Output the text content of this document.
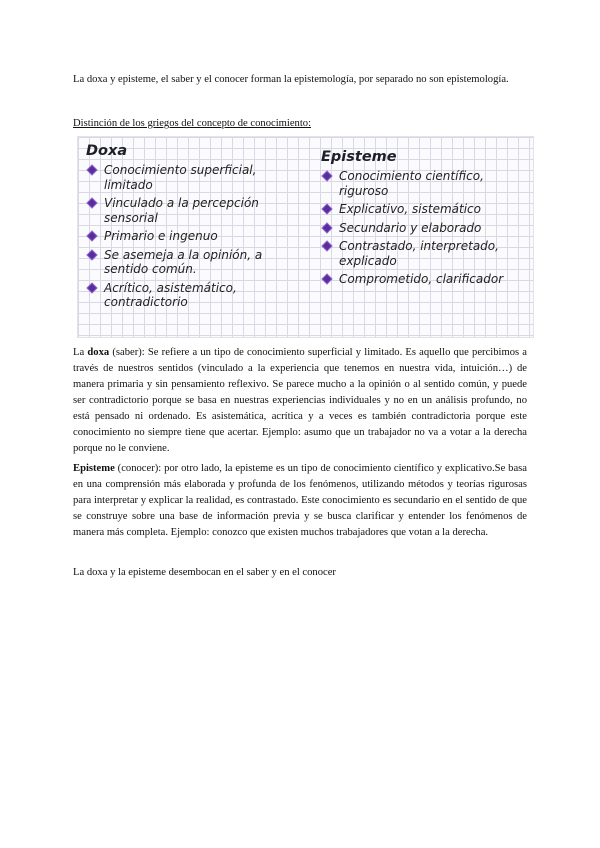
La doxa y episteme, el saber y el conocer forman la epistemología, por separado no son epistemología.

Distinción de los griegos del concepto de conocimiento:

Doxa
Conocimiento superficial, limitado
Vinculado a la percepción sensorial
Primario e ingenuo
Se asemeja a la opinión, a sentido común.
Acrítico, asistemático, contradictorio
Episteme
Conocimiento científico, riguroso
Explicativo, sistemático
Secundario y elaborado
Contrastado, interpretado, explicado
Comprometido, clarificador

La doxa (saber): Se refiere a un tipo de conocimiento superficial y limitado. Es aquello que percibimos a través de nuestros sentidos (vinculado a la experiencia que tenemos en nuestra vida, intuición…) de manera primaria y sin pensamiento reflexivo. Se parece mucho a la opinión o al sentido común, y puede ser contradictorio porque se basa en nuestras experiencias individuales y no en un análisis profundo, no está pensado ni ordenado. Es asistemática, acrítica y a veces es también contradictoria porque este conocimiento no siempre tiene que acertar. Ejemplo: asumo que un trabajador no va a votar a la derecha porque no le conviene.

Episteme (conocer): por otro lado, la episteme es un tipo de conocimiento científico y explicativo.Se basa en una comprensión más elaborada y profunda de los fenómenos, utilizando métodos y teorías rigurosas para interpretar y explicar la realidad, es contrastado. Este conocimiento es secundario en el sentido de que se construye sobre una base de información previa y se busca clarificar y entender los fenómenos de manera más completa. Ejemplo: conozco que existen muchos trabajadores que votan a la derecha.

La doxa y la episteme desembocan en el saber y en el conocer
